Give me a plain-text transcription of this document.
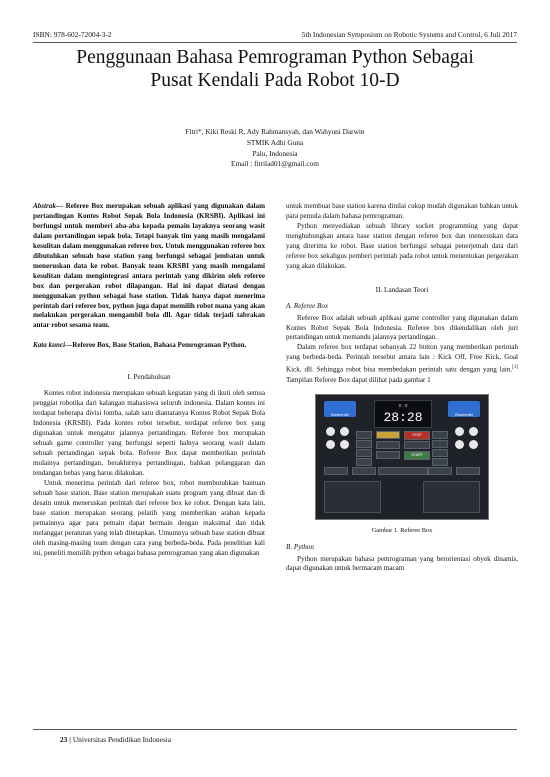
ISBN: 978-602-72004-3-2	5th Indonesian Symposium on Robotic Systems and Control, 6 Juli 2017
Penggunaan Bahasa Pemrograman Python Sebagai
Pusat Kendali Pada Robot 10-D
Fitri*, Kiki Reski R, Ady Rahmansyah, dan Wahyuni Darwin
STMIK Adhi Guna
Palu, Indonesia
Email : fitrilad01@gmail.com

Abstrak— Referee Box merupakan sebuah aplikasi yang digunakan dalam pertandingan Kontes Robot Sepak Bola Indonesia (KRSBI). Aplikasi ini berfungsi untuk memberi aba-aba kepada pemain layaknya seorang wasit dalam pertandingan sepak bola. Tetapi banyak tim yang masih mengalami kesulitan dalam menggunakan referee box. Untuk menggunakan referee box dibutuhkan sebuah base station yang berfungsi sebagai jembatan untuk meneruskan data ke robot. Banyak team KRSBI yang masih mengalami kesulitan dalam mengintegrasi antara perintah yang dikirim oleh referee box dan pergerakan robot dilapangan. Hal ini dapat diatasi dengan menggunakan python sebagai base station. Tidak hanya dapat menerima perintah dari referee box, python juga dapat memilih robot mana yang akan melakukan pergerakan mengambil bola dll. Agar tidak terjadi tabrakan antar robot sesama team.

Kata kunci—Referee Box, Base Station, Bahasa Pemrograman Python.

I. Pendahuluan

Kontes robot indonesia merupakan sebuah kegiatan yang di ikuti oleh semua penggiat robotika dari kalangan mahasiswa seluruh indonesia. Dalam kontes ini terdapat beberapa divisi lomba, salah satu diantaranya Kontes Robot Sepak Bola Indonesia (KRSBI). Pada kontes robot tersebut, terdapat referee box yang digunakan untuk mengatur jalannya pertandingan. Referee box merupakan sebuah game controller yang berfungsi seperti halnya seorang wasit dalam sebuah pertandingan sepak bola. Referee Box dapat memberikan perintah mulainya pertandingan, berakhirnya pertandingan, bahkan pelanggaran dan tendangan bebas yang harus dilakukan.

Untuk menerima perintah dari referee box, robot membutuhkan bantuan sebuah base station. Base station merupakan suatu program yang dibuat dan di desain untuk meneruskan perintah dari referee box ke robot. Dengan kata lain, base station merupakan seorang pelatih yang memberikan arahan kepada pemainnya agar para pemain dapat bermain dengan maksimal dan tidak melanggar peraturan yang telah ditetapkan. Umumnya sebuah base station dibuat oleh masing-masing team dengan cara yang berbeda-beda. Pada penelitian kali ini, peneliti memilih python sebagai bahasa pemrograman yang akan digunakan

untuk membuat base station karena dinilai cukup mudah digunakan bahkan untuk para pemula dalam bahasa pemrograman.

Python menyediakan sebuah library socket programming yang dapat menghubungkan antara base station dengan referee box dan meneruskan data yang diterima ke robot. Base station berfungsi sebagai penerjemah data dari referee box sekaligus pemberi perintah pada robot untuk menentukan pergerakan yang akan dilakukan.

II. Landasan Teori
A. Referee Box

Referee Box adalah sebuah aplikasi game controller yang digunakan dalam Kontes Robot Sepak Bola Indonesia. Referee box dikendalikan oleh juri pertandingan untuk memandu jalannya pertandingan.

Dalam referee box terdapat sebanyak 22 button yang memberikan perintah yang berbeda-beda. Perintah tersebut antara lain : Kick Off, Free Kick, Goal Kick, dll. Sehingga robot bisa membedakan perintah satu dengan yang lain.[1] Tampilan Referee Box dapat dilihat pada gambar 1

Biomentel	Biomentel
0 : 0
28:28
STOP
START
Gambar 1. Referee Box
B. Python

Python merupakan bahasa pemrograman yang berorientasi obyek dinamis, dapat digunakan untuk bermacam macam

23 | Universitas Pendidikan Indonesia
